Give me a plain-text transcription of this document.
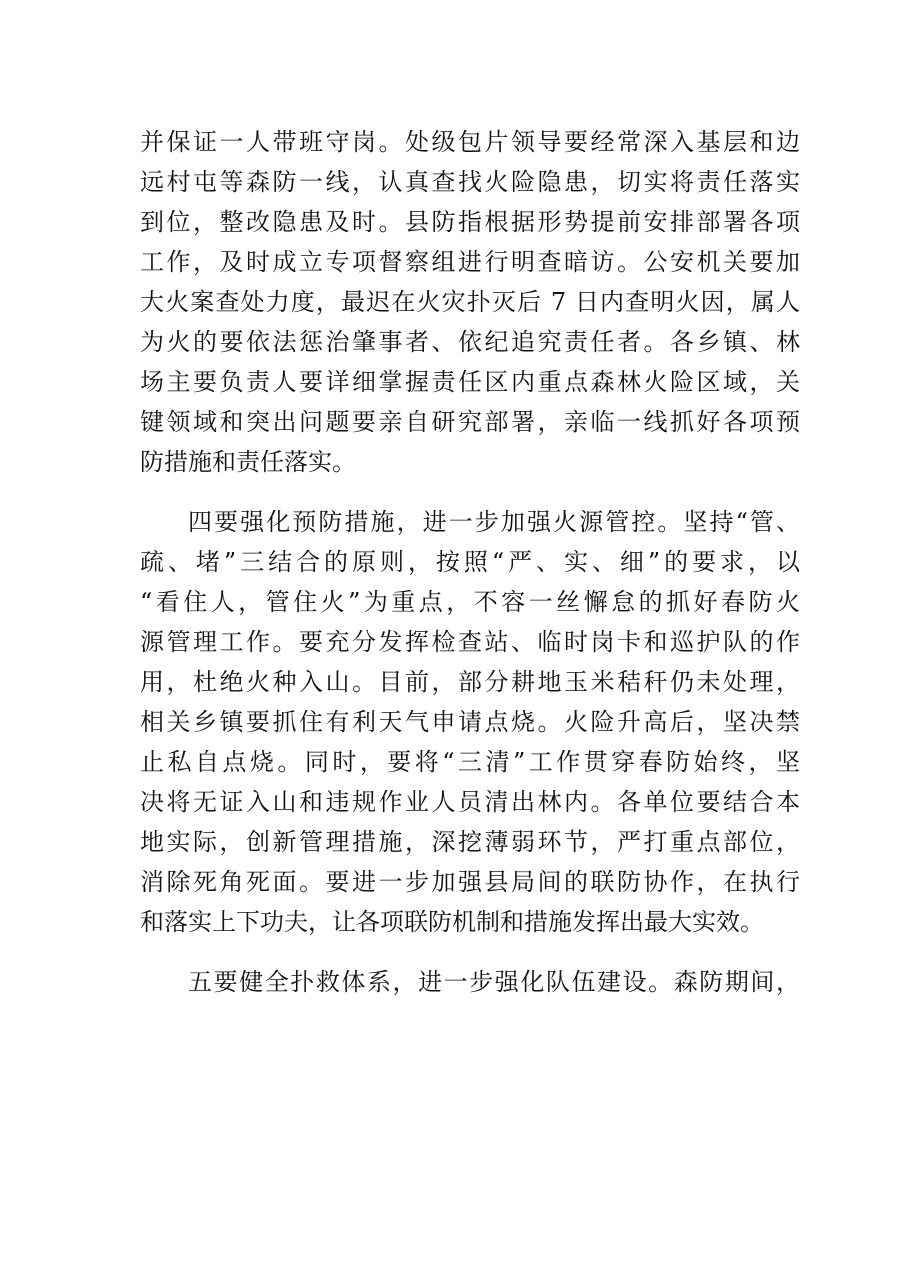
并保证一人带班守岗。处级包片领导要经常深入基层和边
远村屯等森防一线，认真查找火险隐患，切实将责任落实
到位，整改隐患及时。县防指根据形势提前安排部署各项
工作，及时成立专项督察组进行明查暗访。公安机关要加
大火案查处力度，最迟在火灾扑灭后 7 日内查明火因，属人
为火的要依法惩治肇事者、依纪追究责任者。各乡镇、林
场主要负责人要详细掌握责任区内重点森林火险区域，关
键领域和突出问题要亲自研究部署，亲临一线抓好各项预
防措施和责任落实。
四要强化预防措施，进一步加强火源管控。坚持“管、
疏、堵”三结合的原则，按照“严、实、细”的要求，以
“看住人，管住火”为重点，不容一丝懈怠的抓好春防火
源管理工作。要充分发挥检查站、临时岗卡和巡护队的作
用，杜绝火种入山。目前，部分耕地玉米秸秆仍未处理，
相关乡镇要抓住有利天气申请点烧。火险升高后，坚决禁
止私自点烧。同时，要将“三清”工作贯穿春防始终，坚
决将无证入山和违规作业人员清出林内。各单位要结合本
地实际，创新管理措施，深挖薄弱环节，严打重点部位，
消除死角死面。要进一步加强县局间的联防协作，在执行
和落实上下功夫，让各项联防机制和措施发挥出最大实效。
五要健全扑救体系，进一步强化队伍建设。森防期间，
